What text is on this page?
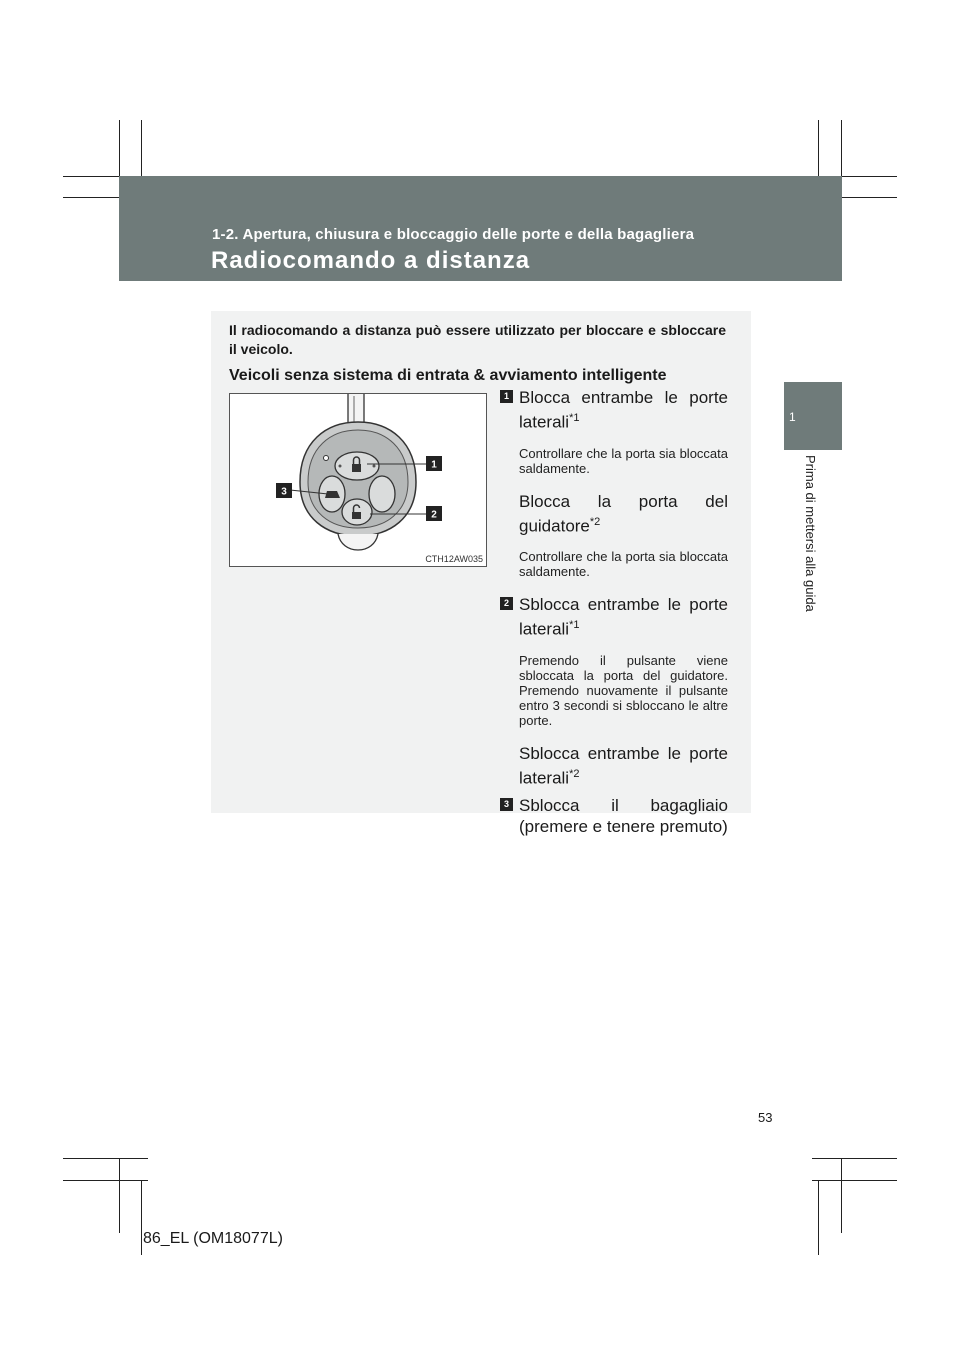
1-2. Apertura, chiusura e bloccaggio delle porte e della bagagliera
Radiocomando a distanza
1
Prima di mettersi alla guida
Il radiocomando a distanza può essere utilizzato per bloccare e sbloccare il veicolo.
Veicoli senza sistema di entrata & avviamento intelligente
1
2
3
CTH12AW035
1 Blocca entrambe le porte laterali$^{*1}$
Controllare che la porta sia bloccata saldamente.
Blocca la porta del guidatore$^{*2}$
Controllare che la porta sia bloccata saldamente.
2 Sblocca entrambe le porte laterali$^{*1}$
Premendo il pulsante viene sbloccata la porta del guidatore. Premendo nuovamente il pulsante entro 3 secondi si sbloccano le altre porte.
Sblocca entrambe le porte laterali$^{*2}$
3 Sblocca il bagagliaio (premere e tenere premuto)
53
86_EL (OM18077L)
